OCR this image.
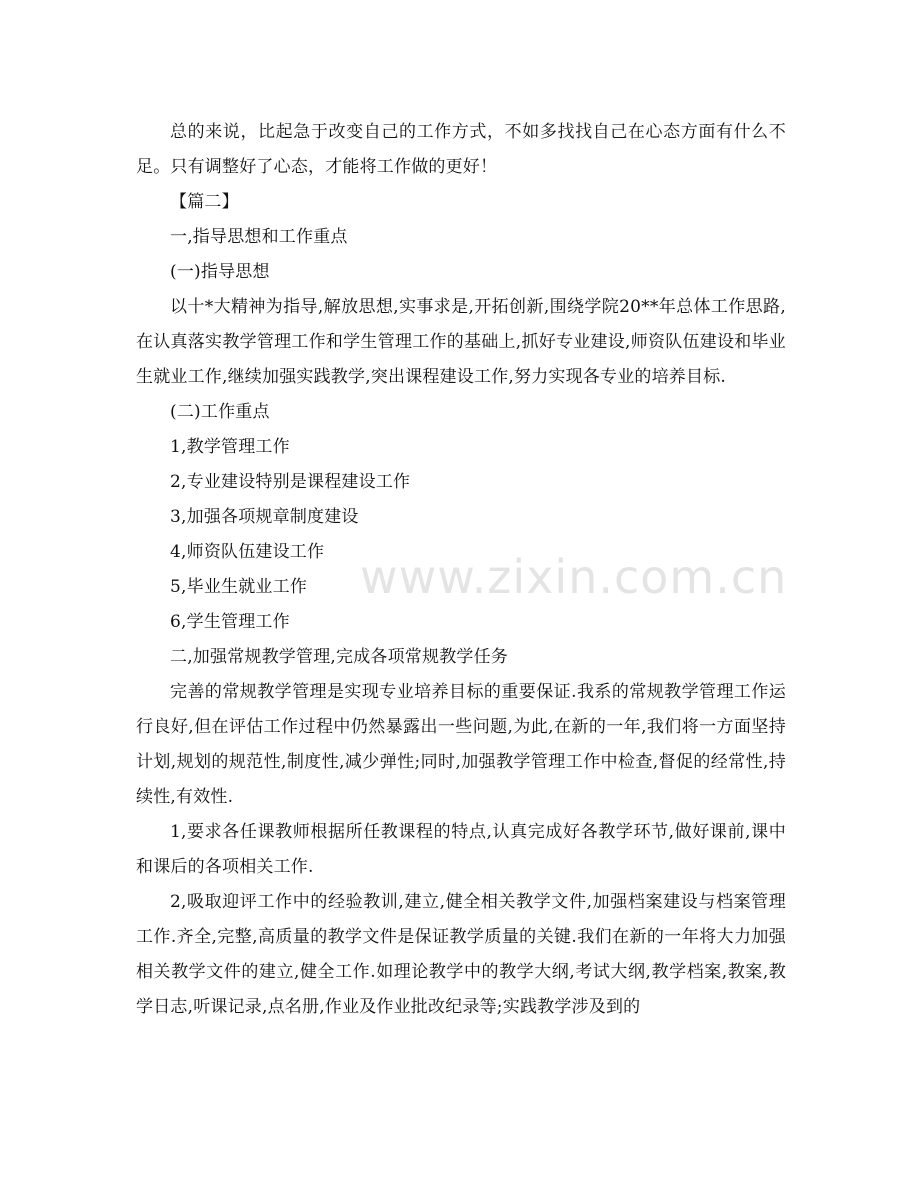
www.zixin.com.cn

总的来说，比起急于改变自己的工作方式，不如多找找自己在心态方面有什么不足。只有调整好了心态，才能将工作做的更好！

【篇二】

一,指导思想和工作重点

(一)指导思想

以十*大精神为指导,解放思想,实事求是,开拓创新,围绕学院20**年总体工作思路,在认真落实教学管理工作和学生管理工作的基础上,抓好专业建设,师资队伍建设和毕业生就业工作,继续加强实践教学,突出课程建设工作,努力实现各专业的培养目标.

(二)工作重点

1,教学管理工作

2,专业建设特别是课程建设工作

3,加强各项规章制度建设

4,师资队伍建设工作

5,毕业生就业工作

6,学生管理工作

二,加强常规教学管理,完成各项常规教学任务

完善的常规教学管理是实现专业培养目标的重要保证.我系的常规教学管理工作运行良好,但在评估工作过程中仍然暴露出一些问题,为此,在新的一年,我们将一方面坚持计划,规划的规范性,制度性,减少弹性;同时,加强教学管理工作中检查,督促的经常性,持续性,有效性.

1,要求各任课教师根据所任教课程的特点,认真完成好各教学环节,做好课前,课中和课后的各项相关工作.

2,吸取迎评工作中的经验教训,建立,健全相关教学文件,加强档案建设与档案管理工作.齐全,完整,高质量的教学文件是保证教学质量的关键.我们在新的一年将大力加强相关教学文件的建立,健全工作.如理论教学中的教学大纲,考试大纲,教学档案,教案,教学日志,听课记录,点名册,作业及作业批改纪录等;实践教学涉及到的
